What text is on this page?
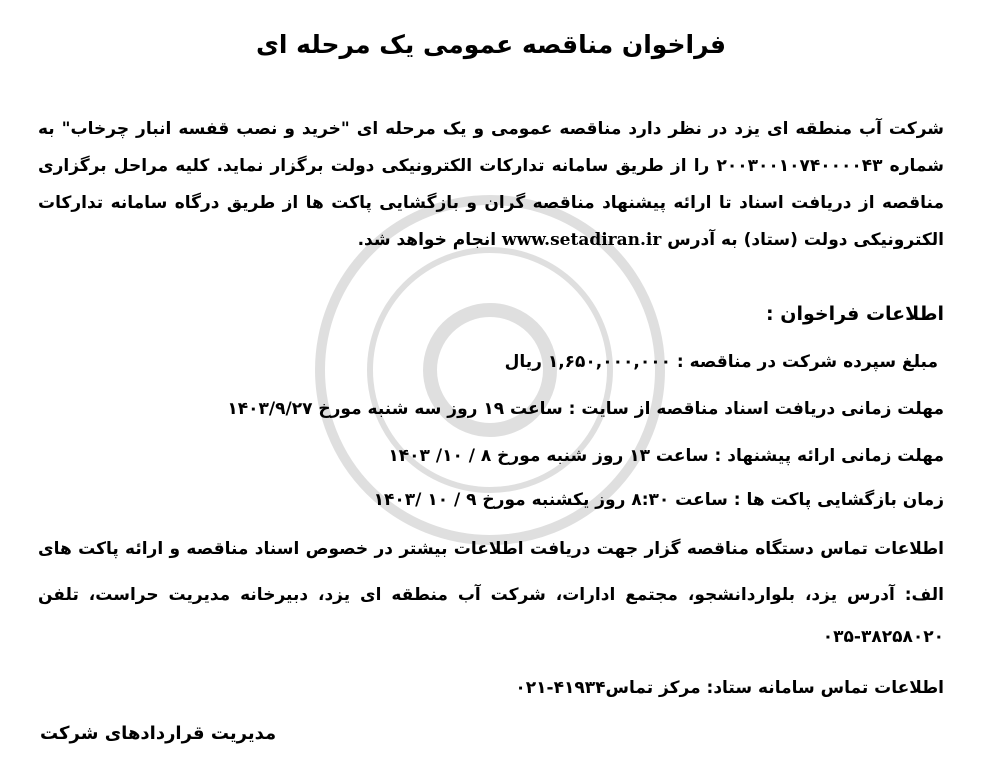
فراخوان مناقصه عمومی یک مرحله ای
شرکت آب منطقه ای یزد در نظر دارد مناقصه عمومی و یک مرحله ای "خرید و نصب قفسه انبار چرخاب" به
شماره ۲۰۰۳۰۰۱۰۷۴۰۰۰۰۴۳ را از طریق سامانه تدارکات الکترونیکی دولت برگزار نماید. کلیه مراحل برگزاری
مناقصه از دریافت اسناد تا ارائه پیشنهاد مناقصه گران و بازگشایی پاکت ها از طریق درگاه سامانه تدارکات
الکترونیکی دولت (ستاد) به آدرس www.setadiran.ir انجام خواهد شد.
اطلاعات فراخوان :
مبلغ سپرده شرکت در مناقصه : ۱,۶۵۰,۰۰۰,۰۰۰ ریال
مهلت زمانی دریافت اسناد مناقصه از سایت : ساعت ۱۹ روز سه شنبه مورخ ۱۴۰۳/۹/۲۷
مهلت زمانی ارائه پیشنهاد : ساعت ۱۳ روز شنبه مورخ ۸ / ۱۰/ ۱۴۰۳
زمان بازگشایی پاکت ها : ساعت ۸:۳۰ روز یکشنبه مورخ ۹ / ۱۰ /۱۴۰۳
اطلاعات تماس دستگاه مناقصه گزار جهت دریافت اطلاعات بیشتر در خصوص اسناد مناقصه و ارائه پاکت های
الف: آدرس یزد، بلواردانشجو، مجتمع ادارات، شرکت آب منطقه ای یزد، دبیرخانه مدیریت حراست، تلفن
۰۳۵-۳۸۲۵۸۰۲۰
اطلاعات تماس سامانه ستاد: مرکز تماس۴۱۹۳۴-۰۲۱
مدیریت قراردادهای شرکت
